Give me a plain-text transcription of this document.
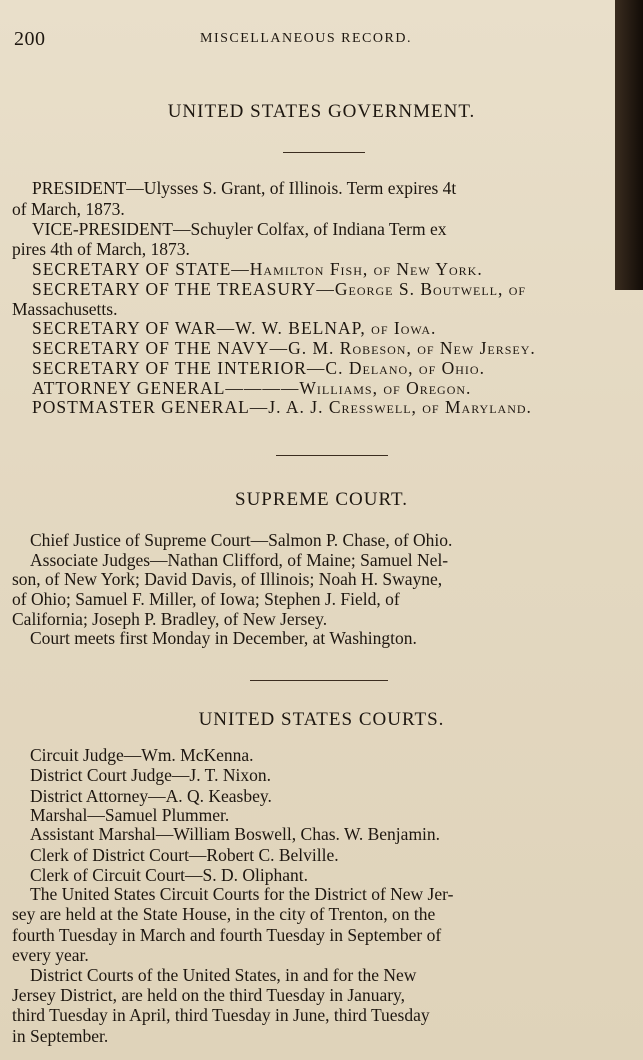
200	MISCELLANEOUS RECORD.
UNITED STATES GOVERNMENT.
PRESIDENT—Ulysses S. Grant, of Illinois. Term expires 4t
of March, 1873.
VICE-PRESIDENT—Schuyler Colfax, of Indiana Term ex
pires 4th of March, 1873.
SECRETARY OF STATE—Hamilton Fish, of New York.
SECRETARY OF THE TREASURY—George S. Boutwell, of
Massachusetts.
SECRETARY OF WAR—W. W. BELNAP, of Iowa.
SECRETARY OF THE NAVY—G. M. Robeson, of New Jersey.
SECRETARY OF THE INTERIOR—C. Delano, of Ohio.
ATTORNEY GENERAL————Williams, of Oregon.
POSTMASTER GENERAL—J. A. J. Cresswell, of Maryland.
SUPREME COURT.
Chief Justice of Supreme Court—Salmon P. Chase, of Ohio.
Associate Judges—Nathan Clifford, of Maine; Samuel Nel-
son, of New York; David Davis, of Illinois; Noah H. Swayne,
of Ohio; Samuel F. Miller, of Iowa; Stephen J. Field, of
California; Joseph P. Bradley, of New Jersey.
Court meets first Monday in December, at Washington.
UNITED STATES COURTS.
Circuit Judge—Wm. McKenna.
District Court Judge—J. T. Nixon.
District Attorney—A. Q. Keasbey.
Marshal—Samuel Plummer.
Assistant Marshal—William Boswell, Chas. W. Benjamin.
Clerk of District Court—Robert C. Belville.
Clerk of Circuit Court—S. D. Oliphant.
The United States Circuit Courts for the District of New Jer-
sey are held at the State House, in the city of Trenton, on the
fourth Tuesday in March and fourth Tuesday in September of
every year.
District Courts of the United States, in and for the New
Jersey District, are held on the third Tuesday in January,
third Tuesday in April, third Tuesday in June, third Tuesday
in September.
